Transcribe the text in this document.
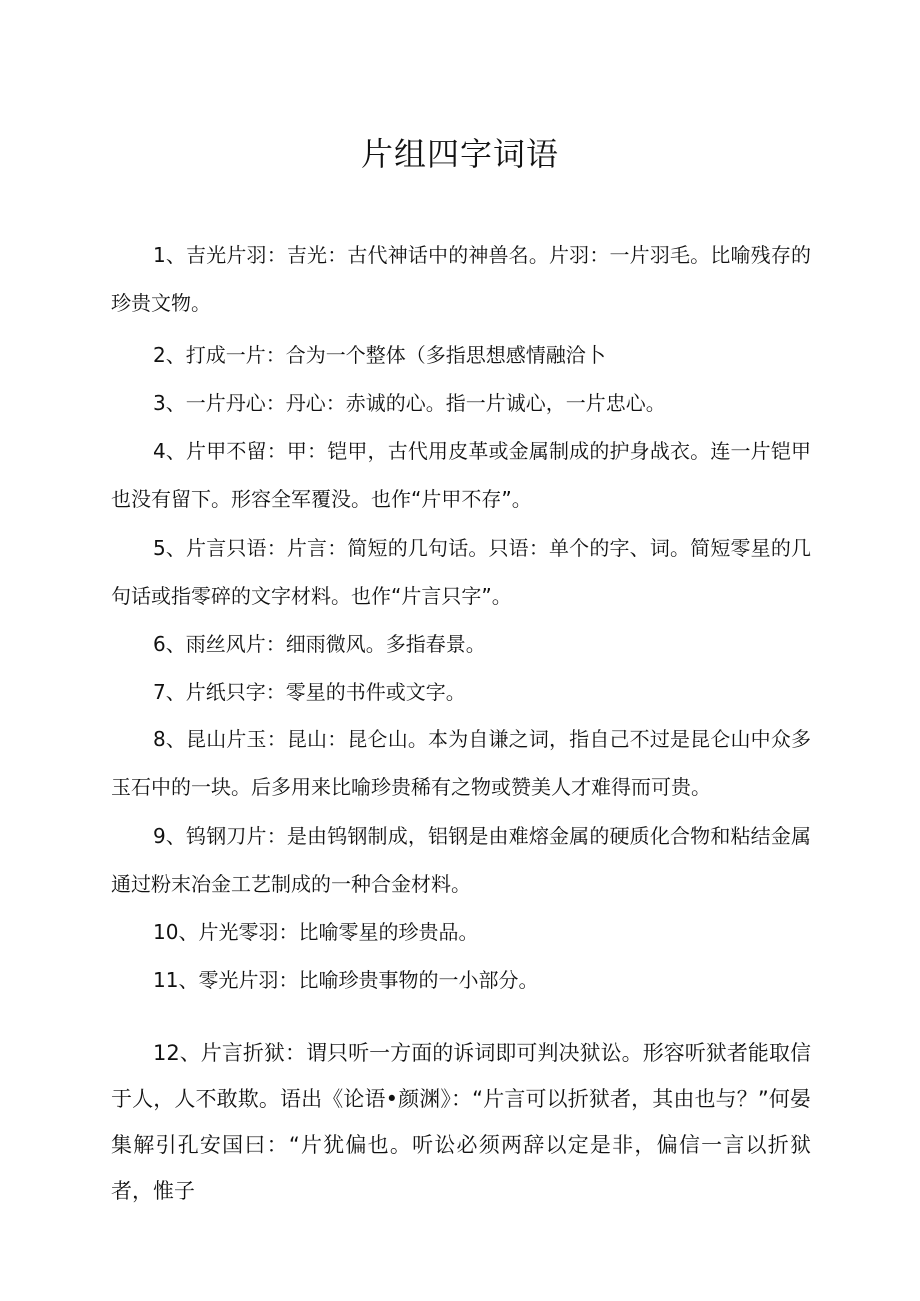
片组四字词语

1、吉光片羽：吉光：古代神话中的神兽名。片羽：一片羽毛。比喻残存的珍贵文物。

2、打成一片：合为一个整体（多指思想感情融洽卜

3、一片丹心：丹心：赤诚的心。指一片诚心，一片忠心。

4、片甲不留：甲：铠甲，古代用皮革或金属制成的护身战衣。连一片铠甲也没有留下。形容全军覆没。也作“片甲不存”。

5、片言只语：片言：简短的几句话。只语：单个的字、词。简短零星的几句话或指零碎的文字材料。也作“片言只字”。

6、雨丝风片：细雨微风。多指春景。

7、片纸只字：零星的书件或文字。

8、昆山片玉：昆山：昆仑山。本为自谦之词，指自己不过是昆仑山中众多玉石中的一块。后多用来比喻珍贵稀有之物或赞美人才难得而可贵。

9、钨钢刀片：是由钨钢制成，铝钢是由难熔金属的硬质化合物和粘结金属通过粉末冶金工艺制成的一种合金材料。

10、片光零羽：比喻零星的珍贵品。

11、零光片羽：比喻珍贵事物的一小部分。

12、片言折狱：谓只听一方面的诉词即可判决狱讼。形容听狱者能取信于人，人不敢欺。语出《论语•颜渊》：“片言可以折狱者，其由也与？”何晏集解引孔安国曰：“片犹偏也。听讼必须两辞以定是非，偏信一言以折狱者，惟子
